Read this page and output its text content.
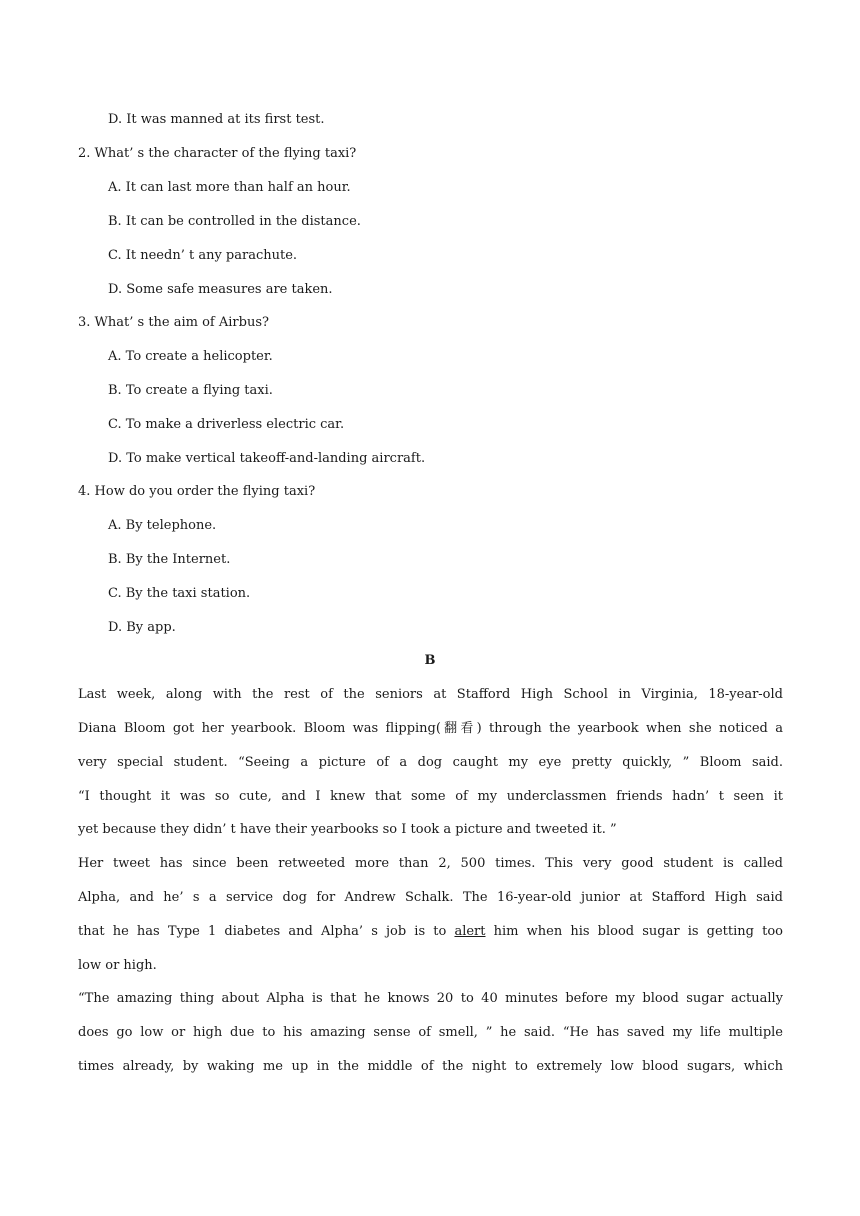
D. It was manned at its first test.
2. What’ s the character of the flying taxi?
A. It can last more than half an hour.
B. It can be controlled in the distance.
C. It needn’ t any parachute.
D. Some safe measures are taken.
3. What’ s the aim of Airbus?
A. To create a helicopter.
B. To create a flying taxi.
C. To make a driverless electric car.
D. To make vertical takeoff-and-landing aircraft.
4. How do you order the flying taxi?
A. By telephone.
B. By the Internet.
C. By the taxi station.
D. By app.
B
Last week, along with the rest of the seniors at Stafford High School in Virginia, 18-year-old
Diana Bloom got her yearbook. Bloom was flipping(翻看) through the yearbook when she noticed a
very special student. “Seeing a picture of a dog caught my eye pretty quickly, ” Bloom said.
“I thought it was so cute, and I knew that some of my underclassmen friends hadn’ t seen it
yet because they didn’ t have their yearbooks so I took a picture and tweeted it. ”
Her tweet has since been retweeted more than 2, 500 times. This very good student is called
Alpha, and he’ s a service dog for Andrew Schalk. The 16-year-old junior at Stafford High said
that he has Type 1 diabetes and Alpha’ s job is to alert him when his blood sugar is getting too
low or high.
“The amazing thing about Alpha is that he knows 20 to 40 minutes before my blood sugar actually
does go low or high due to his amazing sense of smell, ” he said. “He has saved my life multiple
times already, by waking me up in the middle of the night to extremely low blood sugars, which
